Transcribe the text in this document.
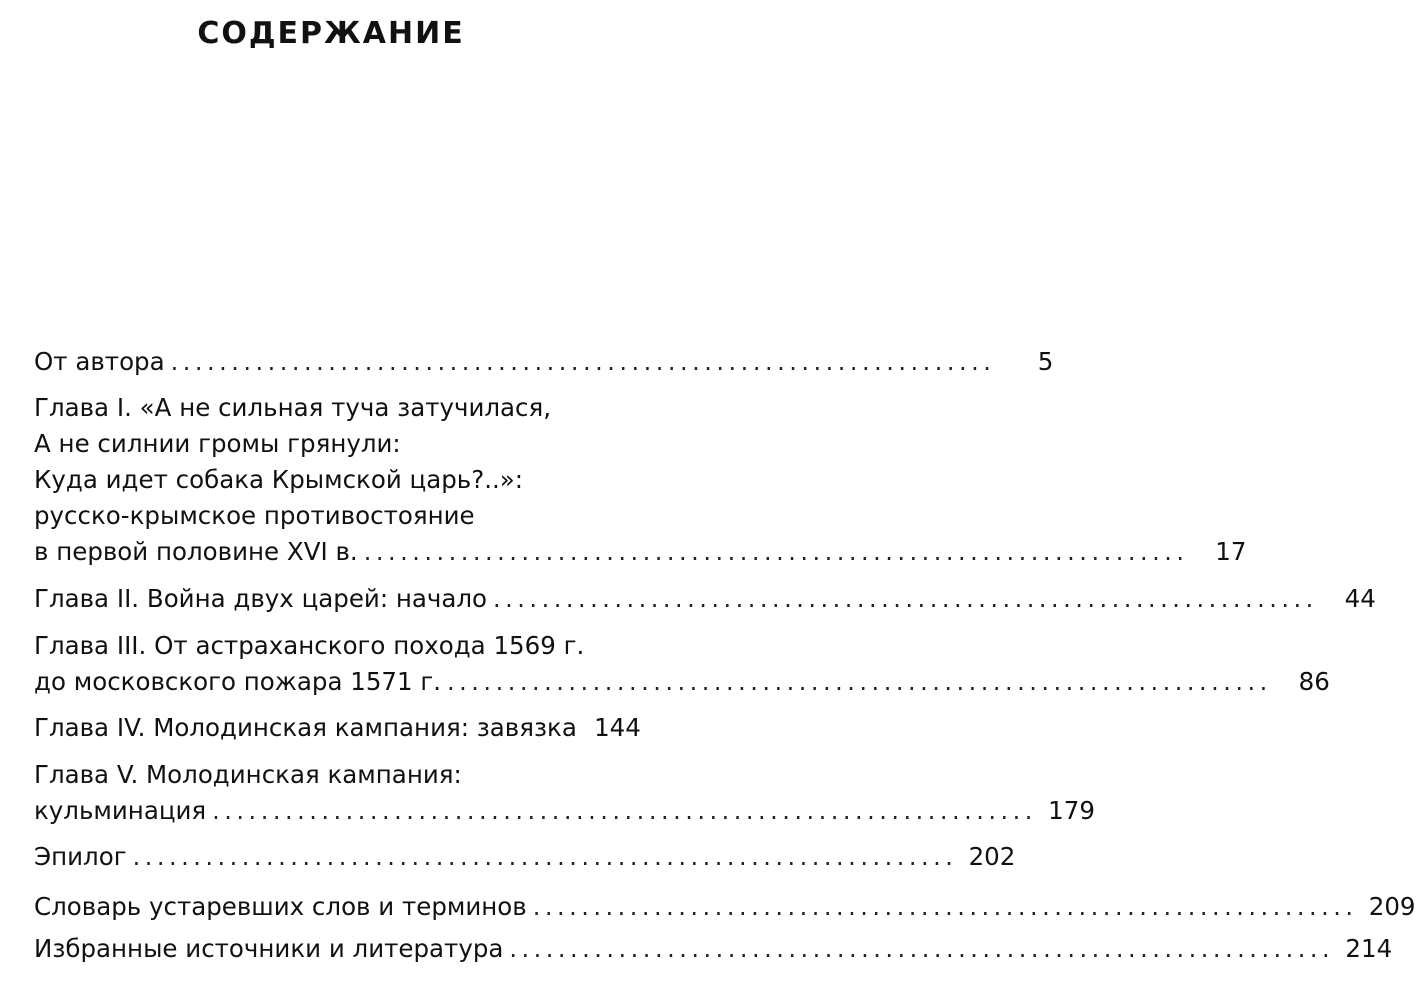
СОДЕРЖАНИЕ
От автора ....................................................................	5
Глава I. «А не сильная туча затучилася,
А не силнии громы грянули:
Куда идет собака Крымской царь?..»:
русско-крымское противостояние
в первой половине XVI в. ....................................................................	17
Глава II. Война двух царей: начало ....................................................................	44
Глава III. От астраханского похода 1569 г.
до московского пожара 1571 г. ....................................................................	86
Глава IV. Молодинская кампания: завязка 144
Глава V. Молодинская кампания:
кульминация .................................................................... 179
Эпилог .................................................................... 202
Словарь устаревших слов и терминов .................................................................... 209
Избранные источники и литература .................................................................... 214
